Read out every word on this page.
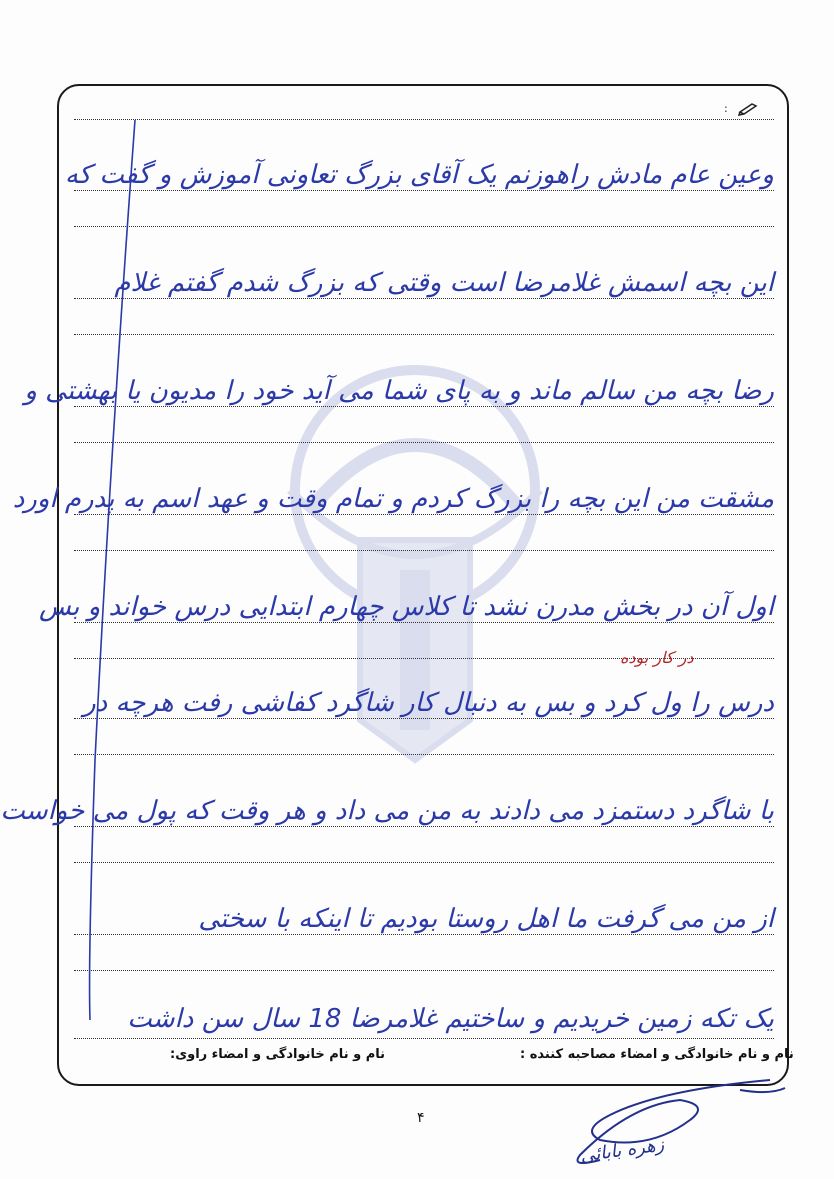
:
وعین عام مادش راهوزنم یک آقای بزرگ تعاونی آموزش و گفت که
این بچه اسمش غلامرضا است وقتی که بزرگ شدم گفتم غلام
رضا بچه من سالم ماند و به پای شما می آید خود را مدیون یا بهشتی و
مشقت من این بچه را بزرگ کردم و تمام وقت و عهد اسم به پدرم اورد
اول آن در بخش مدرن نشد تا کلاس چهارم ابتدایی درس خواند و بس
در کار بوده
درس را ول کرد و بس به دنبال کار شاگرد کفاشی رفت هرچه در
با شاگرد دستمزد می دادند به من می داد و هر وقت که پول می خواست
از من می گرفت ما اهل روستا بودیم تا اینکه با سختی
یک تکه زمین خریدیم و ساختیم غلامرضا 18 سال سن داشت
نام و نام خانوادگی و امضاء مصاحبه کننده :
نام و نام خانوادگی و امضاء راوی:
۴
زهره بابائی
